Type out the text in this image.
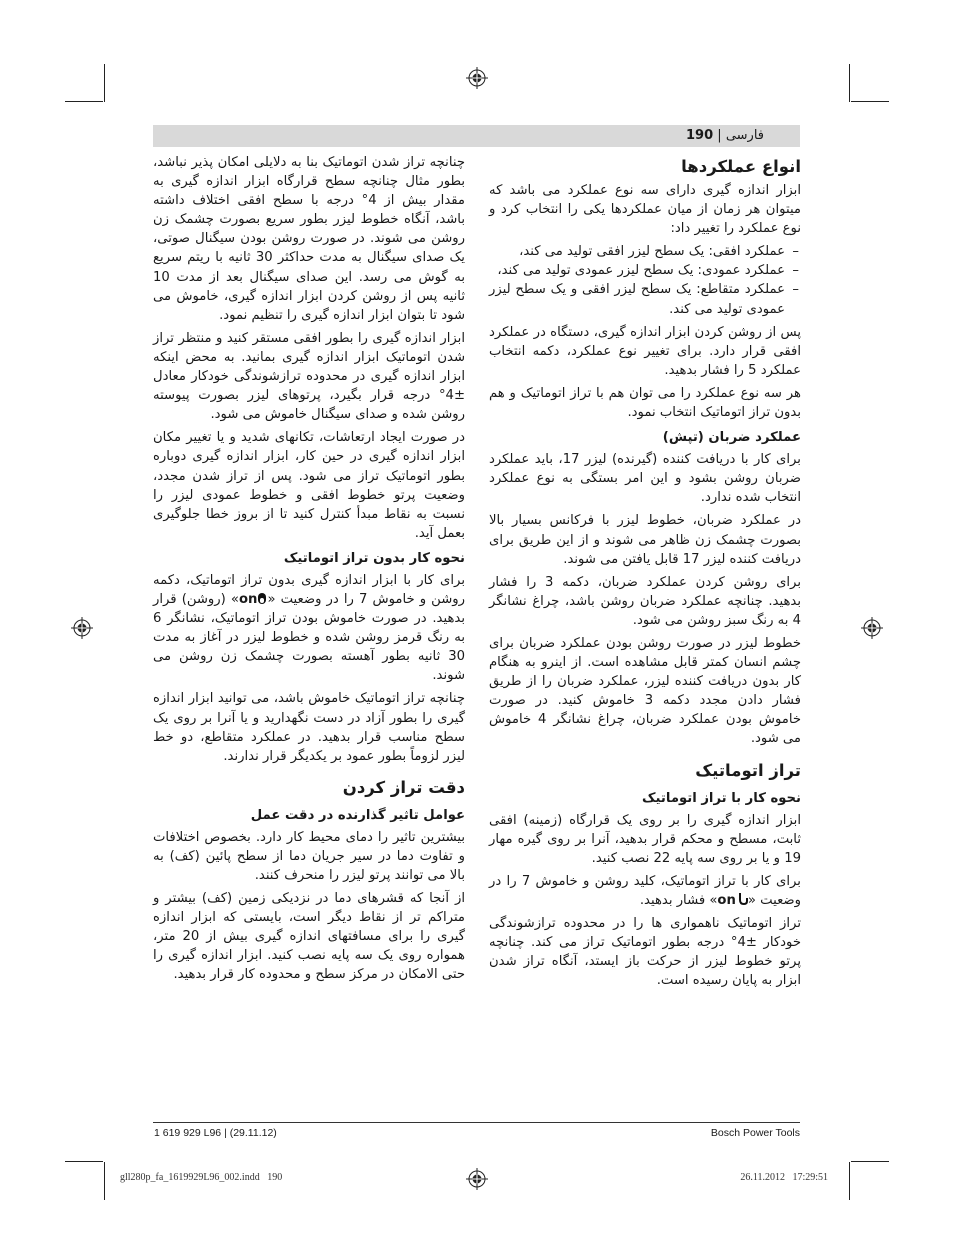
فارسی | 190
انواع عملکردها

ابزار اندازه گیری دارای سه نوع عملکرد می باشد که میتوان هر زمان از میان عملکردها یکی را انتخاب کرد و نوع عملکرد را تغییر داد:

–
عملکرد افقی: یک سطح لیزر افقی تولید می کند،
–
عملکرد عمودی: یک سطح لیزر عمودی تولید می کند،
–
عملکرد متقاطع: یک سطح لیزر افقی و یک سطح لیزر عمودی تولید می کند.

پس از روشن کردن ابزار اندازه گیری، دستگاه در عملکرد افقی قرار دارد. برای تغییر نوع عملکرد، دکمه انتخاب عملکرد 5 را فشار بدهید.

هر سه نوع عملکرد را می توان هم با تراز اتوماتیک و هم بدون تراز اتوماتیک انتخاب نمود.

عملکرد ضربان (تپش)

برای کار با دریافت کننده (گیرنده) لیزر 17، باید عملکرد ضربان روشن بشود و این امر بستگی به نوع عملکرد انتخاب شده ندارد.

در عملکرد ضربان، خطوط لیزر با فرکانس بسیار بالا بصورت چشمک زن ظاهر می شوند و از این طریق برای دریافت کننده لیزر 17 قابل یافتن می شوند.

برای روشن کردن عملکرد ضربان، دکمه 3 را فشار بدهید. چنانچه عملکرد ضربان روشن باشد، چراغ نشانگر 4 به رنگ سبز روشن می شود.

خطوط لیزر در صورت روشن بودن عملکرد ضربان برای چشم انسان کمتر قابل مشاهده است. از اینرو به هنگام کار بدون دریافت کننده لیزر، عملکرد ضربان را از طریق فشار دادن مجدد دکمه 3 خاموش کنید. در صورت خاموش بودن عملکرد ضربان، چراغ نشانگر 4 خاموش می شود.

تراز اتوماتیک
نحوه کار با تراز اتوماتیک

ابزار اندازه گیری را بر روی یک قرارگاه (زمینه) افقی ثابت، مسطح و محکم قرار بدهید، آنرا بر روی گیره مهار 19 و یا بر روی سه پایه 22 نصب کنید.

برای کار با تراز اتوماتیک، کلید روشن و خاموش 7 را در وضعیت «on» فشار بدهید.

تراز اتوماتیک ناهمواری ها را در محدوده ترازشوندگی خودکار ±4° درجه بطور اتوماتیک تراز می کند. چنانچه پرتو خطوط لیزر از حرکت باز ایستد، آنگاه تراز شدن ابزار به پایان رسیده است.

چنانچه تراز شدن اتوماتیک بنا به دلایلی امکان پذیر نباشد، بطور مثال چنانچه سطح قرارگاه ابزار اندازه گیری به مقدار بیش از 4° درجه با سطح افقی اختلاف داشته باشد، آنگاه خطوط لیزر بطور سریع بصورت چشمک زن روشن می شوند. در صورت روشن بودن سیگنال صوتی، یک صدای سیگنال به مدت حداکثر 30 ثانیه با ریتم سریع به گوش می رسد. این صدای سیگنال بعد از مدت 10 ثانیه پس از روشن کردن ابزار اندازه گیری، خاموش می شود تا بتوان ابزار اندازه گیری را تنظیم نمود.

ابزار اندازه گیری را بطور افقی مستقر کنید و منتظر تراز شدن اتوماتیک ابزار اندازه گیری بمانید. به محض اینکه ابزار اندازه گیری در محدوده ترازشوندگی خودکار معادل ±4° درجه قرار بگیرد، پرتوهای لیزر بصورت پیوسته روشن شده و صدای سیگنال خاموش می شود.

در صورت ایجاد ارتعاشات، تکانهای شدید و یا تغییر مکان ابزار اندازه گیری در حین کار، ابزار اندازه گیری دوباره بطور اتوماتیک تراز می شود. پس از تراز شدن مجدد، وضعیت پرتو خطوط افقی و خطوط عمودی لیزر را نسبت به نقاط مبدأ کنترل کنید تا از بروز خطا جلوگیری بعمل آید.

نحوه کار بدون تراز اتوماتیک

برای کار با ابزار اندازه گیری بدون تراز اتوماتیک، دکمه روشن و خاموش 7 را در وضعیت «on» (روشن) قرار بدهید. در صورت خاموش بودن تراز اتوماتیک، نشانگر 6 به رنگ قرمز روشن شده و خطوط لیزر در آغاز به مدت 30 ثانیه بطور آهسته بصورت چشمک زن روشن می شوند.

چنانچه تراز اتوماتیک خاموش باشد، می توانید ابزار اندازه گیری را بطور آزاد در دست نگهدارید و یا آنرا بر روی یک سطح مناسب قرار بدهید. در عملکرد متقاطع، دو خط لیزر لزوماً بطور عمود بر یکدیگر قرار ندارند.

دقت تراز کردن
عوامل تاثیر گذارنده در دقت عمل

بیشترین تاثیر را دمای محیط کار دارد. بخصوص اختلافات و تفاوت دما در سیر جریان دما از سطح پائین (کف) به بالا می توانند پرتو لیزر را منحرف کنند.

از آنجا که قشرهای دما در نزدیکی زمین (کف) بیشتر و متراکم تر از نقاط دیگر است، بایستی که ابزار اندازه گیری را برای مسافتهای اندازه گیری بیش از 20 متر، همواره روی یک سه پایه نصب کنید. ابزار اندازه گیری را حتی الامکان در مرکز سطح و محدوده کار قرار بدهید.

1 619 929 L96 | (29.11.12)	Bosch Power Tools
gll280p_fa_1619929L96_002.indd   190	26.11.2012   17:29:51
